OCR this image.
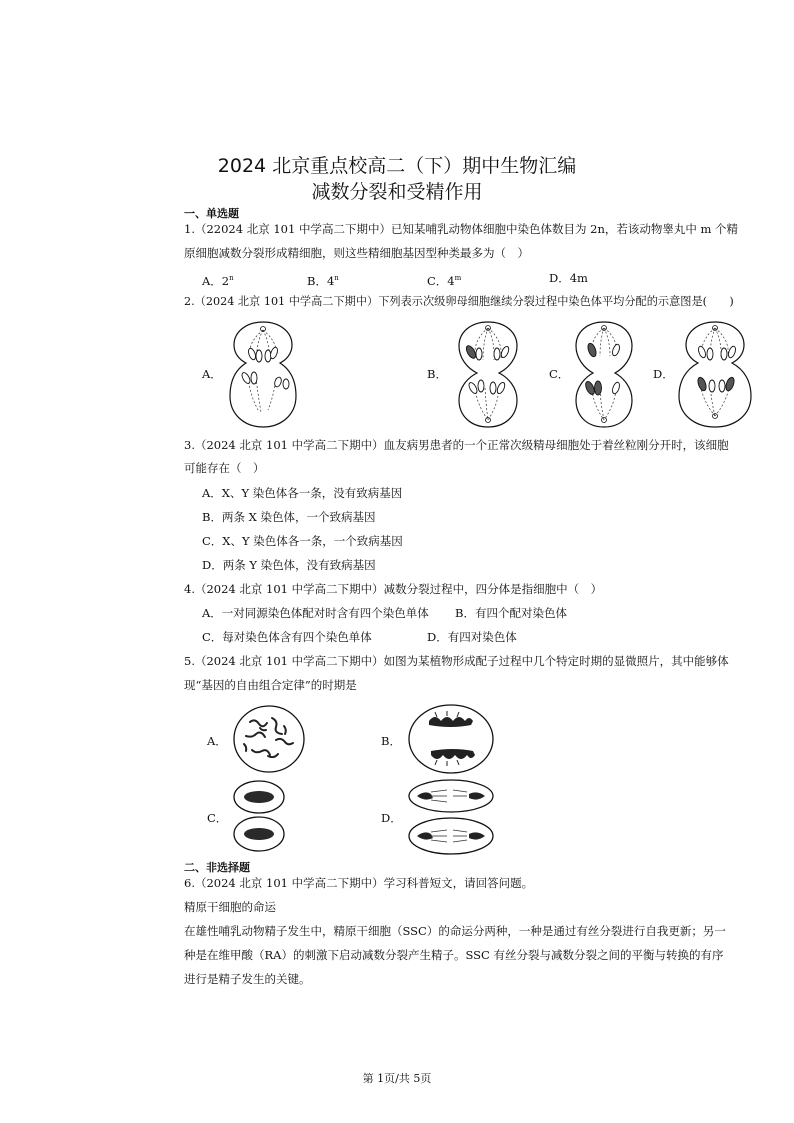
2024 北京重点校高二（下）期中生物汇编
减数分裂和受精作用
一、单选题
1.（22024 北京 101 中学高二下期中）已知某哺乳动物体细胞中染色体数目为 2n，若该动物睾丸中 m 个精
原细胞减数分裂形成精细胞，则这些精细胞基因型种类最多为（　）
A．2$^n$	B．4$^n$	C．4$^m$	D．4m
2.（2024 北京 101 中学高二下期中）下列表示次级卵母细胞继续分裂过程中染色体平均分配的示意图是(　　)
A．	B．	C．	D．
3.（2024 北京 101 中学高二下期中）血友病男患者的一个正常次级精母细胞处于着丝粒刚分开时，该细胞
可能存在（　）
A．X、Y 染色体各一条，没有致病基因
B．两条 X 染色体，一个致病基因
C．X、Y 染色体各一条，一个致病基因
D．两条 Y 染色体，没有致病基因
4.（2024 北京 101 中学高二下期中）减数分裂过程中，四分体是指细胞中（　）
A．一对同源染色体配对时含有四个染色单体 B．有四个配对染色体
C．每对染色体含有四个染色单体	D．有四对染色体
5.（2024 北京 101 中学高二下期中）如图为某植物形成配子过程中几个特定时期的显微照片，其中能够体
现“基因的自由组合定律”的时期是
A．	B．
C．	D．
二、非选择题
6.（2024 北京 101 中学高二下期中）学习科普短文，请回答问题。
精原干细胞的命运
在雄性哺乳动物精子发生中，精原干细胞（SSC）的命运分两种，一种是通过有丝分裂进行自我更新；另一
种是在维甲酸（RA）的刺激下启动减数分裂产生精子。SSC 有丝分裂与减数分裂之间的平衡与转换的有序
进行是精子发生的关键。
第 1页/共 5页
